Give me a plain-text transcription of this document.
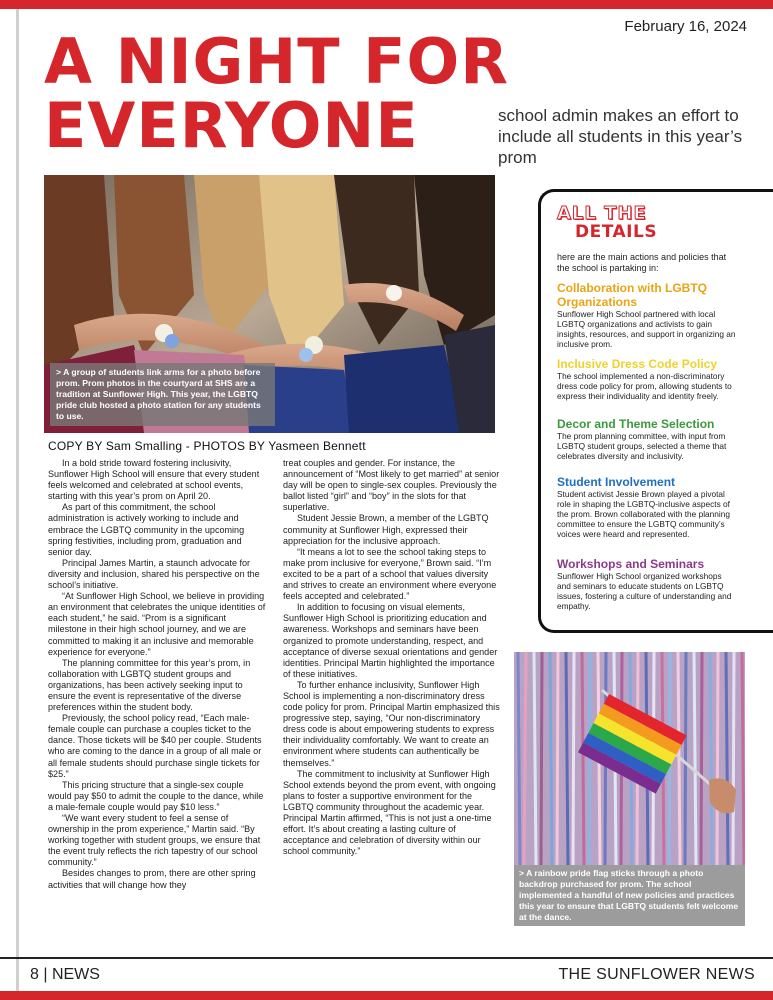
February 16, 2024
A NIGHT FOR
EVERYONE	school admin makes an effort to include all students in this year’s prom
> A group of students link arms for a photo before prom. Prom photos in the courtyard at SHS are a tradition at Sunflower High. This year, the LGBTQ pride club hosted a photo station for any students to use.
COPY BY Sam Smalling - PHOTOS BY Yasmeen Bennett

In a bold stride toward fostering inclusivity, Sunflower High School will ensure that every student feels welcomed and celebrated at school events, starting with this year’s prom on April 20.

As part of this commitment, the school administration is actively working to include and embrace the LGBTQ community in the upcoming spring festivities, including prom, graduation and senior day.

Principal James Martin, a staunch advocate for diversity and inclusion, shared his perspective on the school’s initiative.

“At Sunflower High School, we believe in providing an environment that celebrates the unique identities of each student,” he said. “Prom is a significant milestone in their high school journey, and we are committed to making it an inclusive and memorable experience for everyone.”

The planning committee for this year’s prom, in collaboration with LGBTQ student groups and organizations, has been actively seeking input to ensure the event is representative of the diverse preferences within the student body.

Previously, the school policy read, “Each male-female couple can purchase a couples ticket to the dance. Those tickets will be $40 per couple. Students who are coming to the dance in a group of all male or all female students should purchase single tickets for $25.”

This pricing structure that a single-sex couple would pay $50 to admit the couple to the dance, while a male-female couple would pay $10 less.”

“We want every student to feel a sense of ownership in the prom experience,” Martin said. “By working together with student groups, we ensure that the event truly reflects the rich tapestry of our school community.”

Besides changes to prom, there are other spring activities that will change how they

treat couples and gender. For instance, the announcement of “Most likely to get married” at senior day will be open to single-sex couples. Previously the ballot listed “girl” and “boy” in the slots for that superlative.

Student Jessie Brown, a member of the LGBTQ community at Sunflower High, expressed their appreciation for the inclusive approach.

“It means a lot to see the school taking steps to make prom inclusive for everyone,” Brown said. “I’m excited to be a part of a school that values diversity and strives to create an environment where everyone feels accepted and celebrated.”

In addition to focusing on visual elements, Sunflower High School is prioritizing education and awareness. Workshops and seminars have been organized to promote understanding, respect, and acceptance of diverse sexual orientations and gender identities. Principal Martin highlighted the importance of these initiatives.

To further enhance inclusivity, Sunflower High School is implementing a non-discriminatory dress code policy for prom. Principal Martin emphasized this progressive step, saying, “Our non-discriminatory dress code is about empowering students to express their individuality comfortably. We want to create an environment where students can authentically be themselves.”

The commitment to inclusivity at Sunflower High School extends beyond the prom event, with ongoing plans to foster a supportive environment for the LGBTQ community throughout the academic year. Principal Martin affirmed, “This is not just a one-time effort. It’s about creating a lasting culture of acceptance and celebration of diversity within our school community.”

ALL THE
DETAILS
here are the main actions and policies that the school is partaking in:
Collaboration with LGBTQ Organizations

Sunflower High School partnered with local LGBTQ organizations and activists to gain insights, resources, and support in organizing an inclusive prom.

Inclusive Dress Code Policy

The school implemented a non-discriminatory dress code policy for prom, allowing students to express their individuality and identity freely.

Decor and Theme Selection

The prom planning committee, with input from LGBTQ student groups, selected a theme that celebrates diversity and inclusivity.

Student Involvement

Student activist Jessie Brown played a pivotal role in shaping the LGBTQ-inclusive aspects of the prom. Brown collaborated with the planning committee to ensure the LGBTQ community’s voices were heard and represented.

Workshops and Seminars

Sunflower High School organized workshops and seminars to educate students on LGBTQ issues, fostering a culture of understanding and empathy.

> A rainbow pride flag sticks through a photo backdrop purchased for prom. The school implemented a handful of new policies and practices this year to ensure that LGBTQ students felt welcome at the dance.
8 | NEWS	THE SUNFLOWER NEWS
